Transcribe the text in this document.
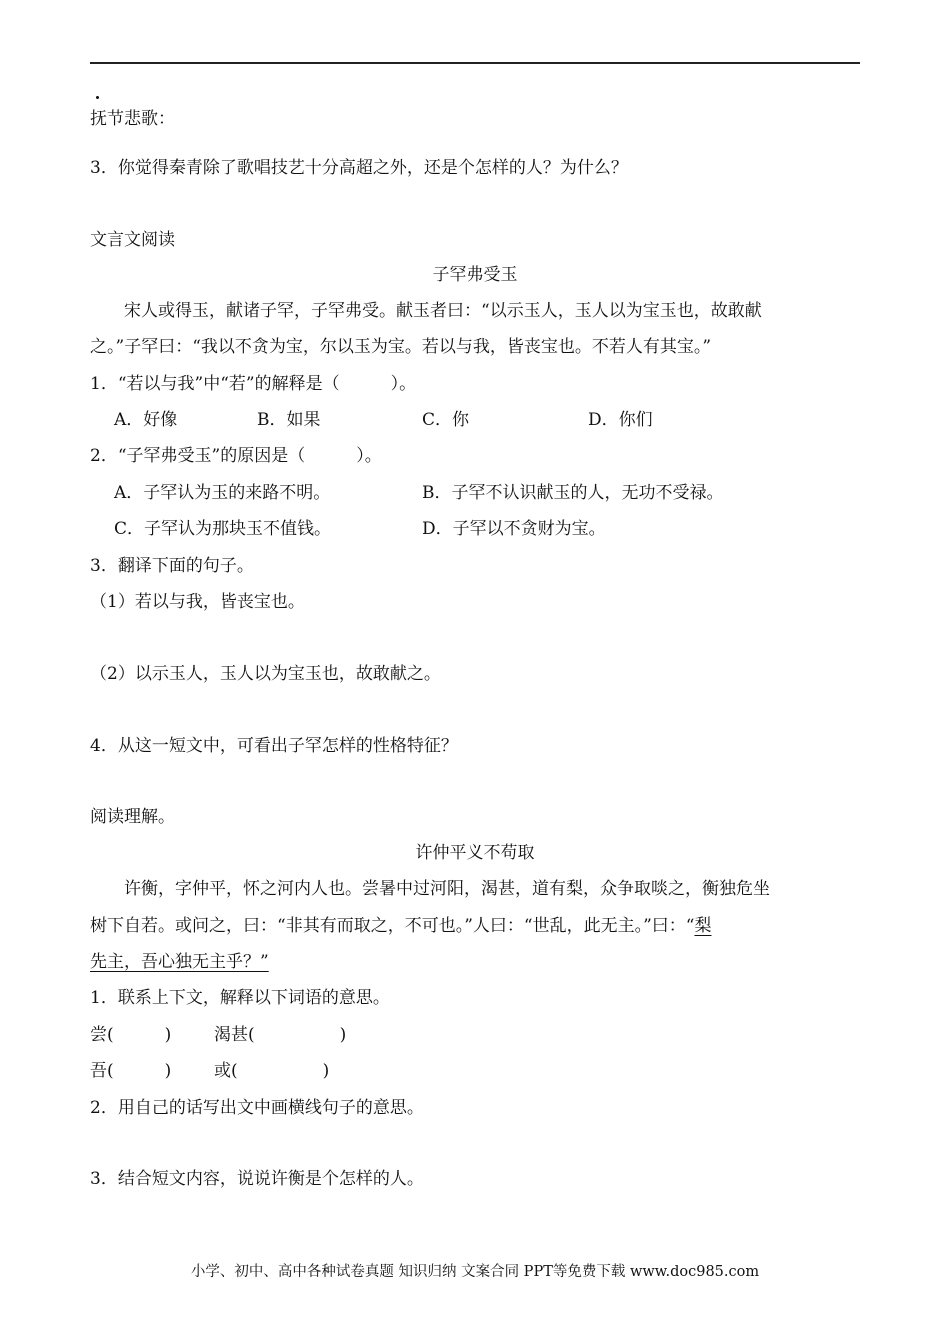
抚节悲歌：
3．你觉得秦青除了歌唱技艺十分高超之外，还是个怎样的人？为什么？
文言文阅读
子罕弗受玉
宋人或得玉，献诸子罕，子罕弗受。献玉者曰：“以示玉人，玉人以为宝玉也，故敢献
之。”子罕曰：“我以不贪为宝，尔以玉为宝。若以与我，皆丧宝也。不若人有其宝。”
1．“若以与我”中“若”的解释是（　　　）。
A．好像	B．如果	C．你	D．你们
2．“子罕弗受玉”的原因是（　　　）。
A．子罕认为玉的来路不明。	B．子罕不认识献玉的人，无功不受禄。
C．子罕认为那块玉不值钱。	D．子罕以不贪财为宝。
3．翻译下面的句子。
（1）若以与我，皆丧宝也。
（2）以示玉人，玉人以为宝玉也，故敢献之。
4．从这一短文中，可看出子罕怎样的性格特征？
阅读理解。
许仲平义不苟取
许衡，字仲平，怀之河内人也。尝暑中过河阳，渴甚，道有梨，众争取啖之，衡独危坐
树下自若。或问之，曰：“非其有而取之，不可也。”人曰：“世乱，此无主。”曰：“梨
先主，吾心独无主乎？”
1．联系上下文，解释以下词语的意思。
尝(　　　)	渴甚(　　　　　)
吾(　　　)	或(　　　　　)
2．用自己的话写出文中画横线句子的意思。
3．结合短文内容，说说许衡是个怎样的人。
小学、初中、高中各种试卷真题 知识归纳 文案合同 PPT等免费下载 www.doc985.com
